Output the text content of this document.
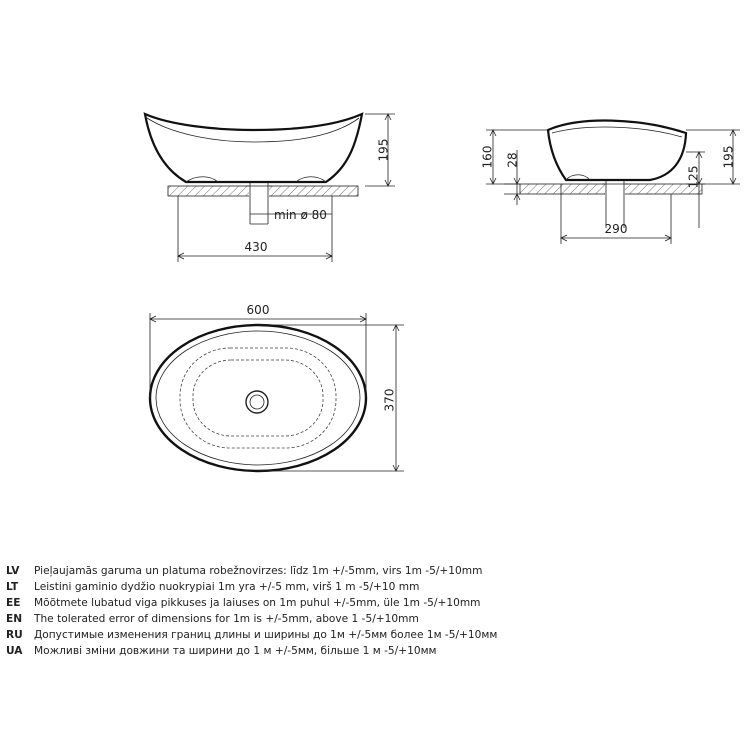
195
min ø 80
430
160 28
125
195
290
600
370
LV	Pieļaujamās garuma un platuma robežnovirzes: līdz 1m +/-5mm, virs 1m -5/+10mm
LT	Leistini gaminio dydžio nuokrypiai 1m yra +/-5 mm, virš 1 m -5/+10 mm
EE	Mõõtmete lubatud viga pikkuses ja laiuses on 1m puhul +/-5mm, üle 1m -5/+10mm
EN	The tolerated error of dimensions for 1m is +/-5mm, above 1 -5/+10mm
RU	Допустимые изменения границ длины и ширины до 1м +/-5мм более 1м -5/+10мм
UA	Можливі зміни довжини та ширини до 1 м +/-5мм, більше 1 м -5/+10мм
